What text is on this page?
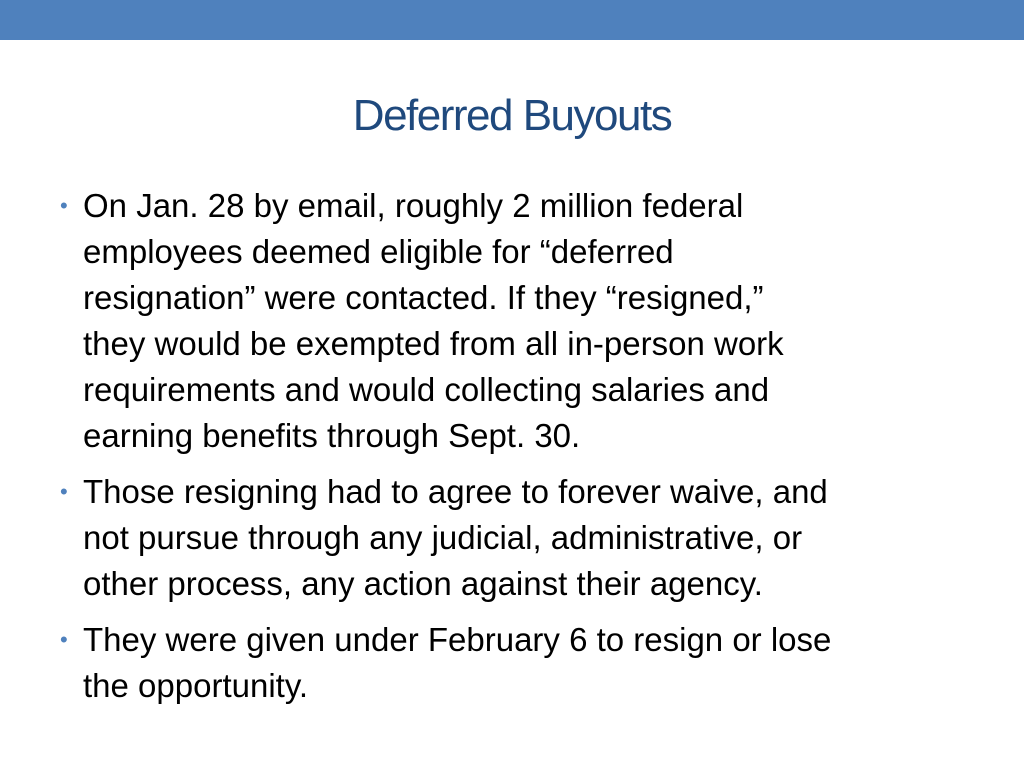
Deferred Buyouts
• On Jan. 28 by email, roughly 2 million federal
employees deemed eligible for “deferred
resignation” were contacted. If they “resigned,”
they would be exempted from all in-person work
requirements and would collecting salaries and
earning benefits through Sept. 30.
• Those resigning had to agree to forever waive, and
not pursue through any judicial, administrative, or
other process, any action against their agency.
• They were given under February 6 to resign or lose
the opportunity.
